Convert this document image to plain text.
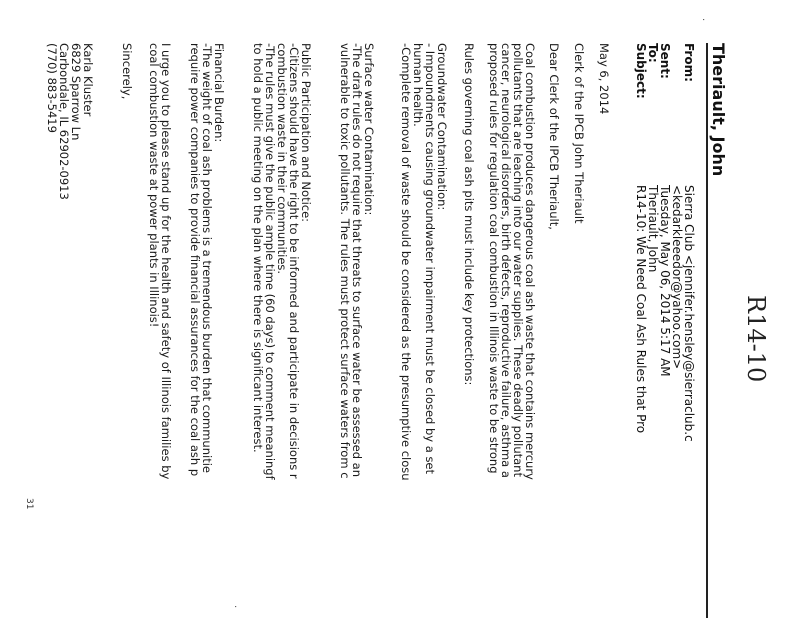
R14-10
Theriault, John
From:
Sent:
To:
Subject:
Sierra Club <jennifer.hensley@sierraclub.c
<kedarkleeedor@yahoo.com>
Tuesday, May 06, 2014 5:17 AM
Theriault, John
R14-10: We Need Coal Ash Rules that Pro
May 6, 2014
Clerk of the IPCB John Theriault
Dear Clerk of the IPCB Theriault,
Coal combustion produces dangerous coal ash waste that contains mercury
pollutants that are leaching into our water supplies. These deadly pollutant
cancer, neurological disorders, birth defects, reproductive failure, asthma a
proposed rules for regulation coal combustion in Illinois waste to be strong
Rules governing coal ash pits must include key protections:
Groundwater Contamination:
- Impoundments causing groundwater impairment must be closed by a set
human health.
-Complete removal of waste should be considered as the presumptive closu
Surface water Contamination:
-The draft rules do not require that threats to surface water be assessed an
vulnerable to toxic pollutants. The rules must protect surface waters from c
Public Participation and Notice:
-Citizens should have the right to be informed and participate in decisions r
combustion waste in their communities.
-The rules must give the public ample time (60 days) to comment meaningf
to hold a public meeting on the plan where there is significant interest.
Financial Burden:
-The weight of coal ash problems is a tremendous burden that communitie
require power companies to provide financial assurances for the coal ash p
I urge you to please stand up for the health and safety of Illinois families by
coal combustion waste at power plants in Illinois!
Sincerely,
Karla Kluster
6829 Sparrow Ln
Carbondale, IL 62902-0913
(770) 883-5419
31
·
·
